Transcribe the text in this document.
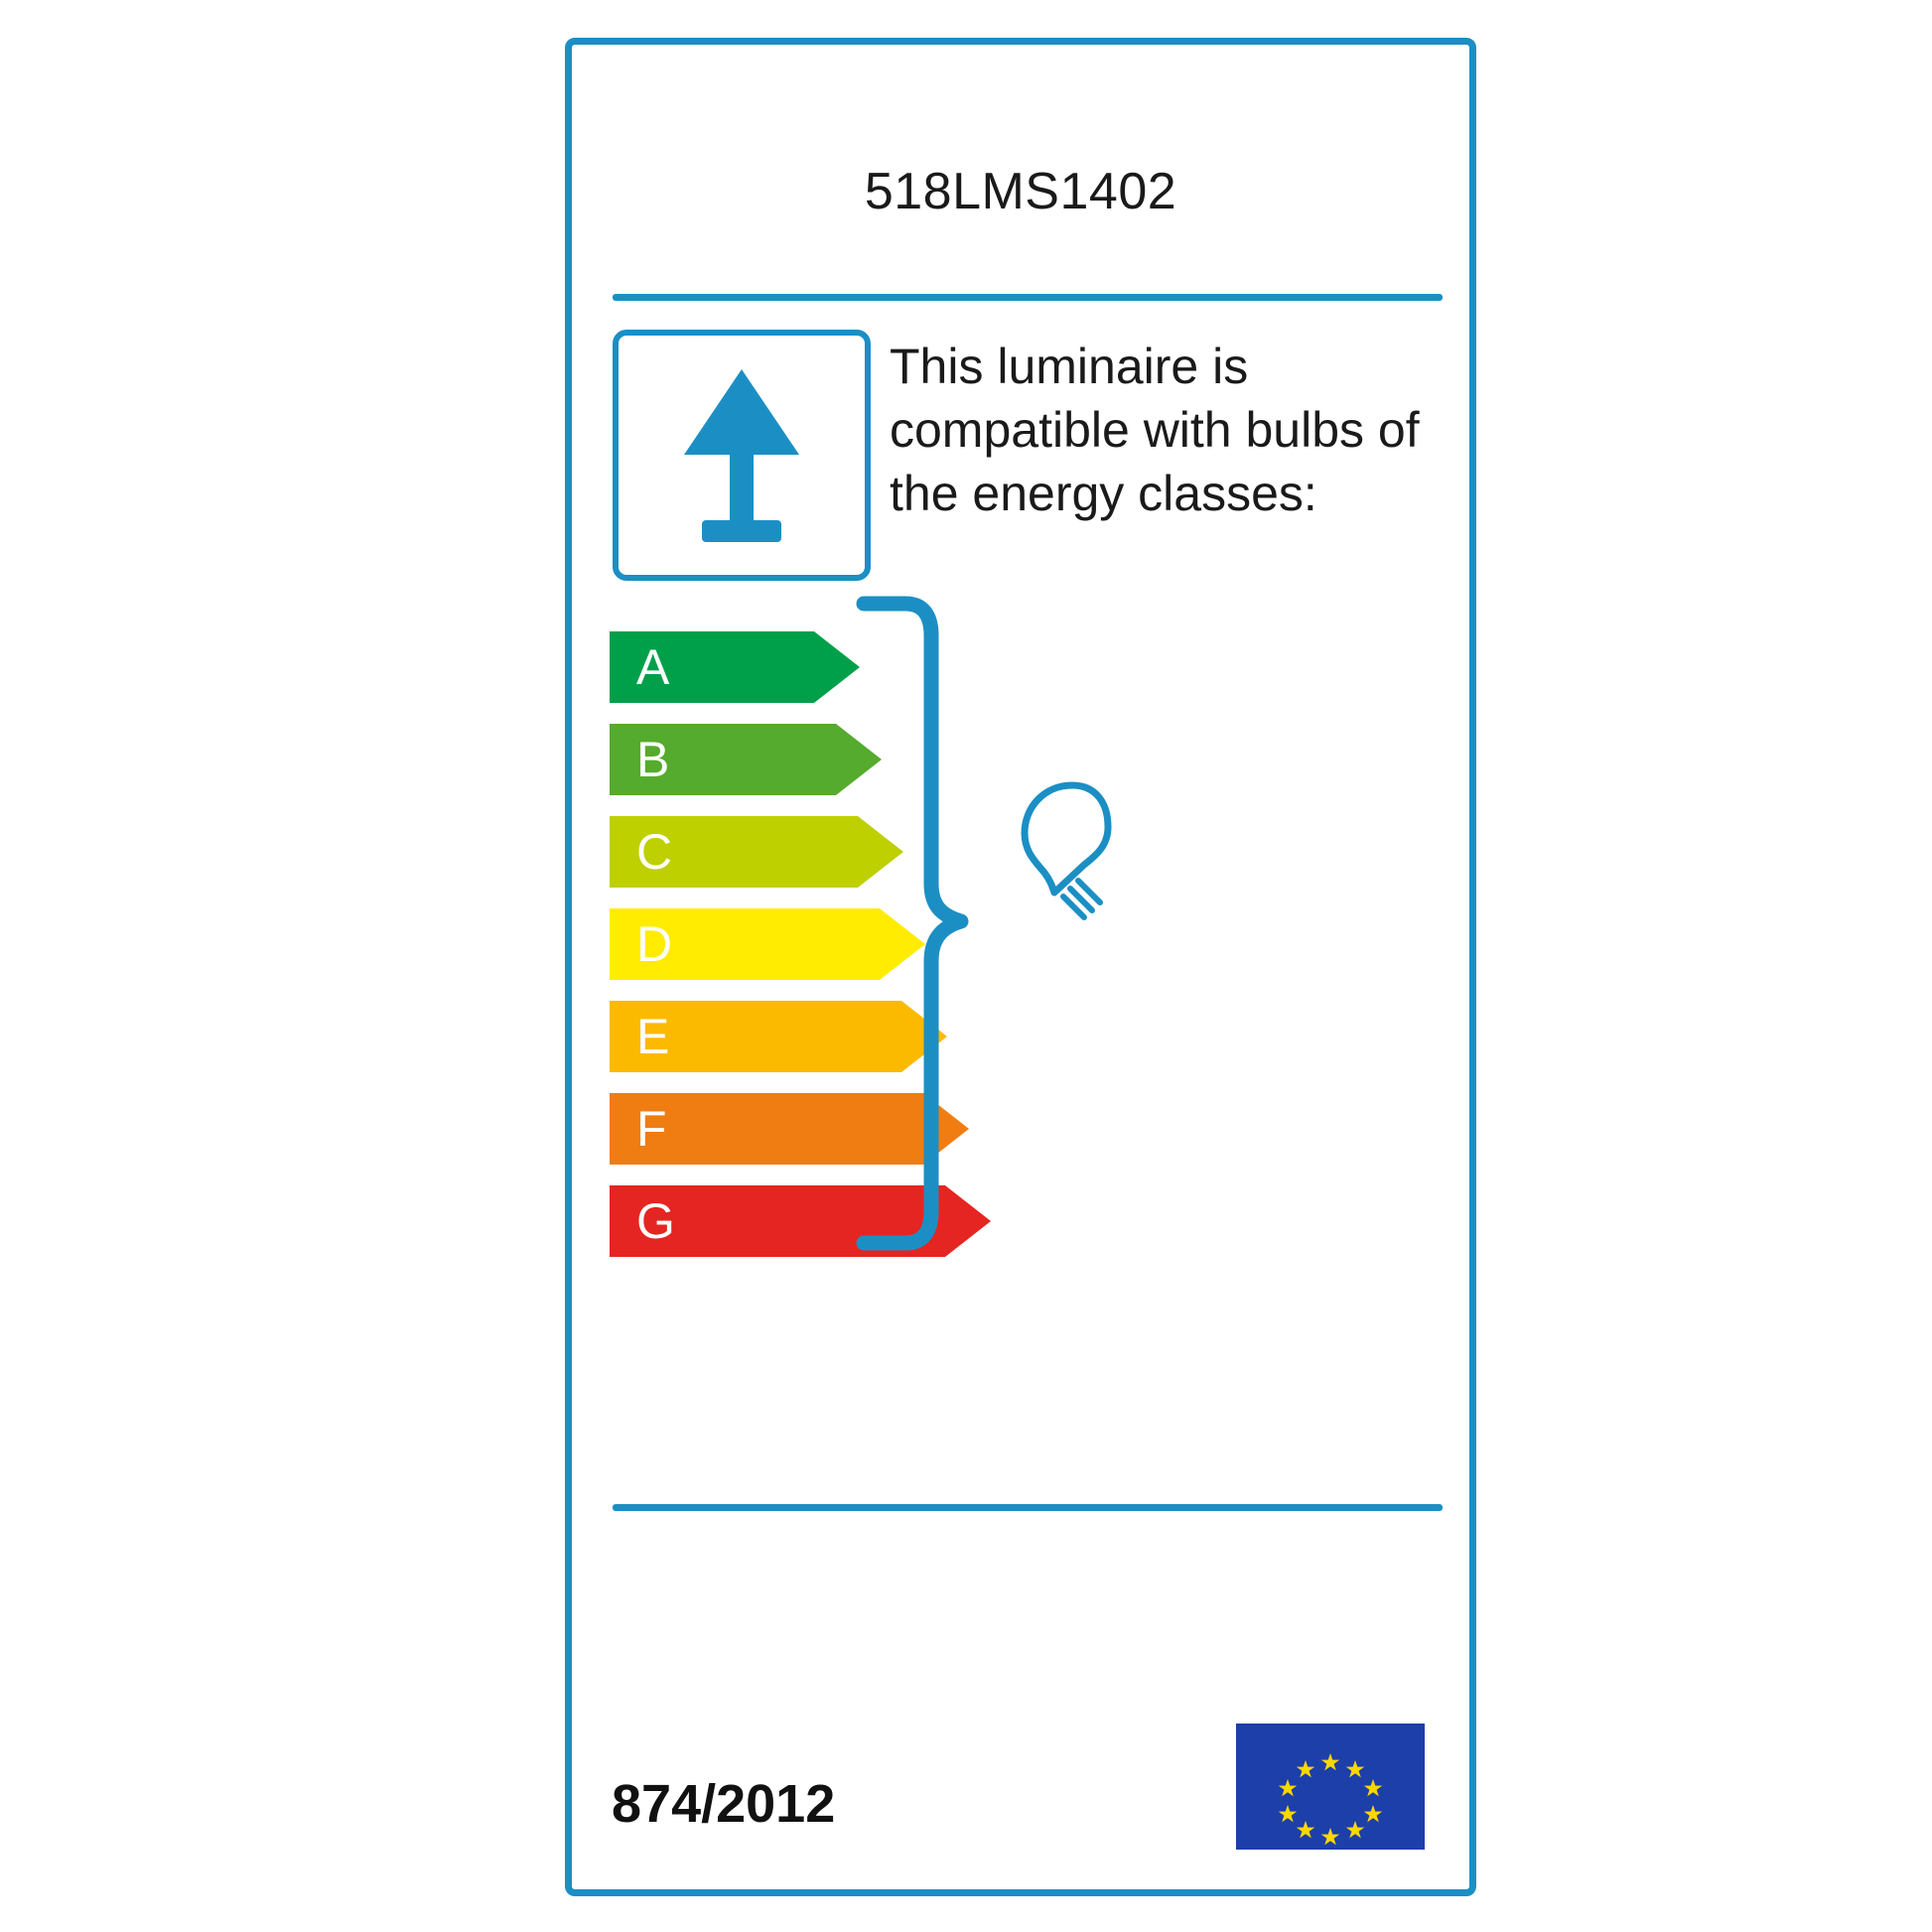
518LMS1402
This luminaire is compatible with bulbs of the energy classes:
A
B
C
D
E
F
G
874/2012
